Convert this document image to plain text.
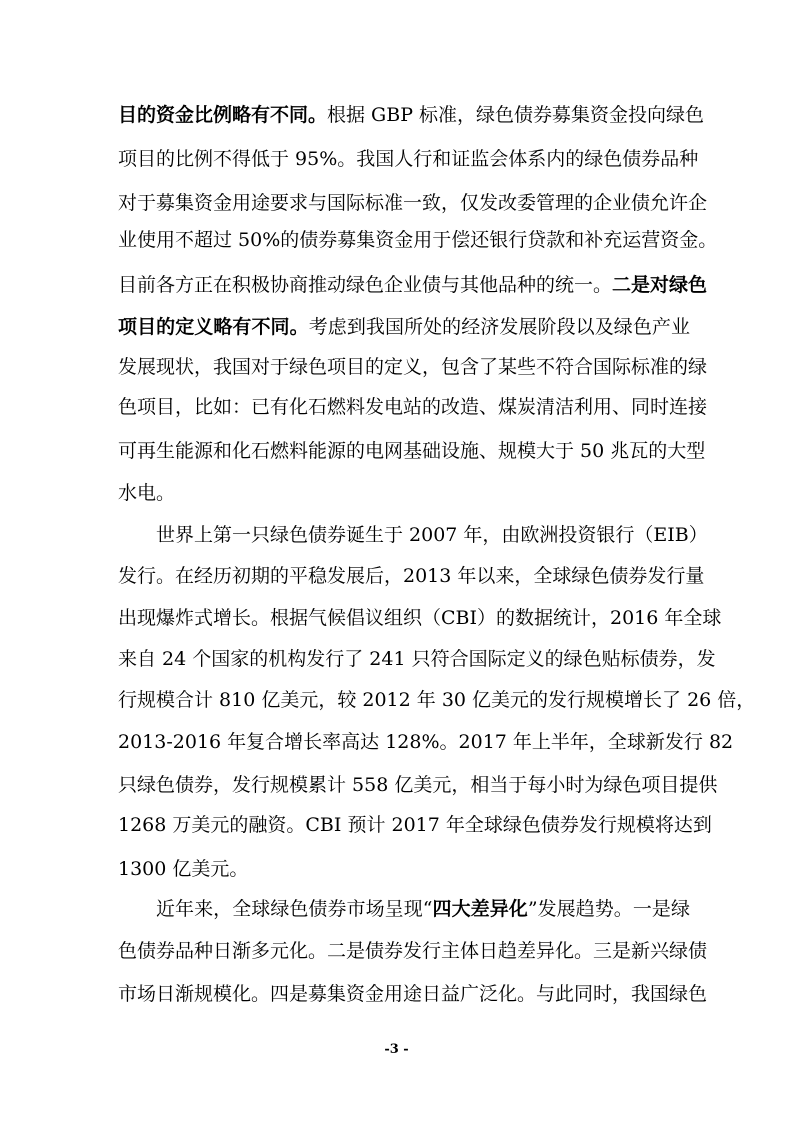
目的资金比例略有不同。根据 GBP 标准，绿色债券募集资金投向绿色
项目的比例不得低于 95%。我国人行和证监会体系内的绿色债券品种
对于募集资金用途要求与国际标准一致，仅发改委管理的企业债允许企
业使用不超过 50%的债券募集资金用于偿还银行贷款和补充运营资金。
目前各方正在积极协商推动绿色企业债与其他品种的统一。二是对绿色
项目的定义略有不同。考虑到我国所处的经济发展阶段以及绿色产业
发展现状，我国对于绿色项目的定义，包含了某些不符合国际标准的绿
色项目，比如：已有化石燃料发电站的改造、煤炭清洁利用、同时连接
可再生能源和化石燃料能源的电网基础设施、规模大于 50 兆瓦的大型
水电。
世界上第一只绿色债券诞生于 2007 年，由欧洲投资银行（EIB）
发行。在经历初期的平稳发展后，2013 年以来，全球绿色债券发行量
出现爆炸式增长。根据气候倡议组织（CBI）的数据统计，2016 年全球
来自 24 个国家的机构发行了 241 只符合国际定义的绿色贴标债券，发
行规模合计 810 亿美元，较 2012 年 30 亿美元的发行规模增长了 26 倍，
2013-2016 年复合增长率高达 128%。2017 年上半年，全球新发行 82
只绿色债券，发行规模累计 558 亿美元，相当于每小时为绿色项目提供
1268 万美元的融资。CBI 预计 2017 年全球绿色债券发行规模将达到
1300 亿美元。
近年来，全球绿色债券市场呈现“四大差异化”发展趋势。一是绿
色债券品种日渐多元化。二是债券发行主体日趋差异化。三是新兴绿债
市场日渐规模化。四是募集资金用途日益广泛化。与此同时，我国绿色
-3 -
